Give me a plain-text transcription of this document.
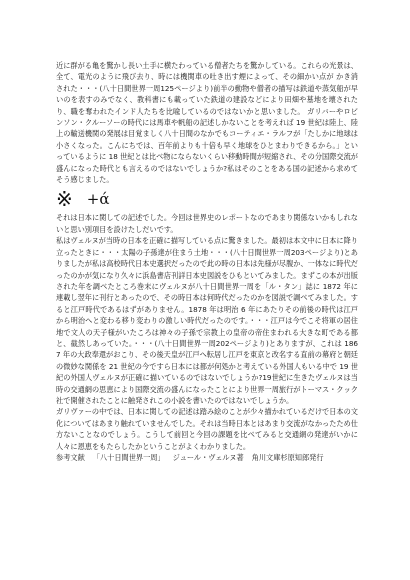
近に群がる亀を驚かし長い土手に横たわっている僧者たちを驚かしている。これらの光景は、全て、電光のように飛び去り、時には機関車の吐き出す煙によって、その細かい点が かき消された・・・(八十日間世界一周125ページより)前半の動物や僧者の描写は鉄道や蒸気船が早いのを表すのみでなく、教科書にも載っていた鉄道の建設などにより田畑や墓地を壊されたり、職を奪われたインド人たちを比喩しているのではないかと思いました。 ガリバーやロビンソン・クルーソーの時代には馬車や帆船の記述しかないことを考えれば 19 世紀は陸上、陸上の輸送機関の発展は目覚ましく八十日間のなかでもコーティエ・ラルフが「たしかに地球は小さくなった。こんにちでは、百年前よりも十倍も早く地球をひとまわりできるから。」といっているように 18 世紀とは比べ物にならないくらい移動時間が短縮され、その分国際交流が盛んになった時代とも言えるのではないでしょうか?私はそのことをある国の記述から求めてそう感じました。

※ +ά

それは日本に関しての記述でした。今回は世界史のレポートなのであまり関係ないかもしれないと思い別項目を設けたしだいです。

私はヴェルヌが当時の日本を正確に描写している点に驚きました。最初は本文中に日本に降り立ったときに・・・太陽の子孫達が住まう土地・・・(八十日間世界一周203ページより)とありましたが私は高校時代日本史選択だったので此の時の日本は先様が尽腹か、一体なに時代だったのかが気になり久々に浜島書店刊詳日本史図説をひもといてみました。まずこの本が出版された年を調べたところ巻末にヴェルヌが八十日間世界一周を「ル・タン」誌に 1872 年に連載し翌年に刊行とあったので、その時日本は何時代だったのかを図説で調べてみました。すると江戸時代であるはずがありません。1878 年は明治 6 年にあたりその前後の時代は江戸から明治へと変わる移り変わりの激しい時代だったのです。・・・江戸は今でこそ将軍の居住地で文人の天子様がいたころは神々の子孫で宗教上の皇帝の帝住まわれる大きな町である都と、截然しあっていた。・・・(八十日間世界一周202ページより)とありますが、これは 1867 年の大政奉還がおこり、その後天皇が江戸へ転居し江戸を東京と改名する直前の幕府と朝廷の微妙な関係を 21 世紀の今ですら日本には都が何処かと考えている外国人もいる中で 19 世紀の外国人ヴェルヌが正確に描いているのではないでしょうか?19世紀に生きたヴェルヌは当時の交通網の思恵により国際交流の盛んになったことにより世界一周旅行がトーマス・クック社で開催されたことに触発されこの小説を書いたのではないでしょうか。

ガリヴァーの中では、日本に関しての記述は踏み絵のことが少々描かれているだけで日本の文化についてはあまり触れていませんでした。それは当時日本とはあまり交流がなかったため仕方ないことなのでしょう。こうして前回と今回の課題を比べてみると交通網の発達がいかに人々に恩恵をもたらしたかということがよくわかりました。

参考文献 「八十日間世界一周」 ジュール・ヴェルヌ著 角川文庫杉原知郎発行
